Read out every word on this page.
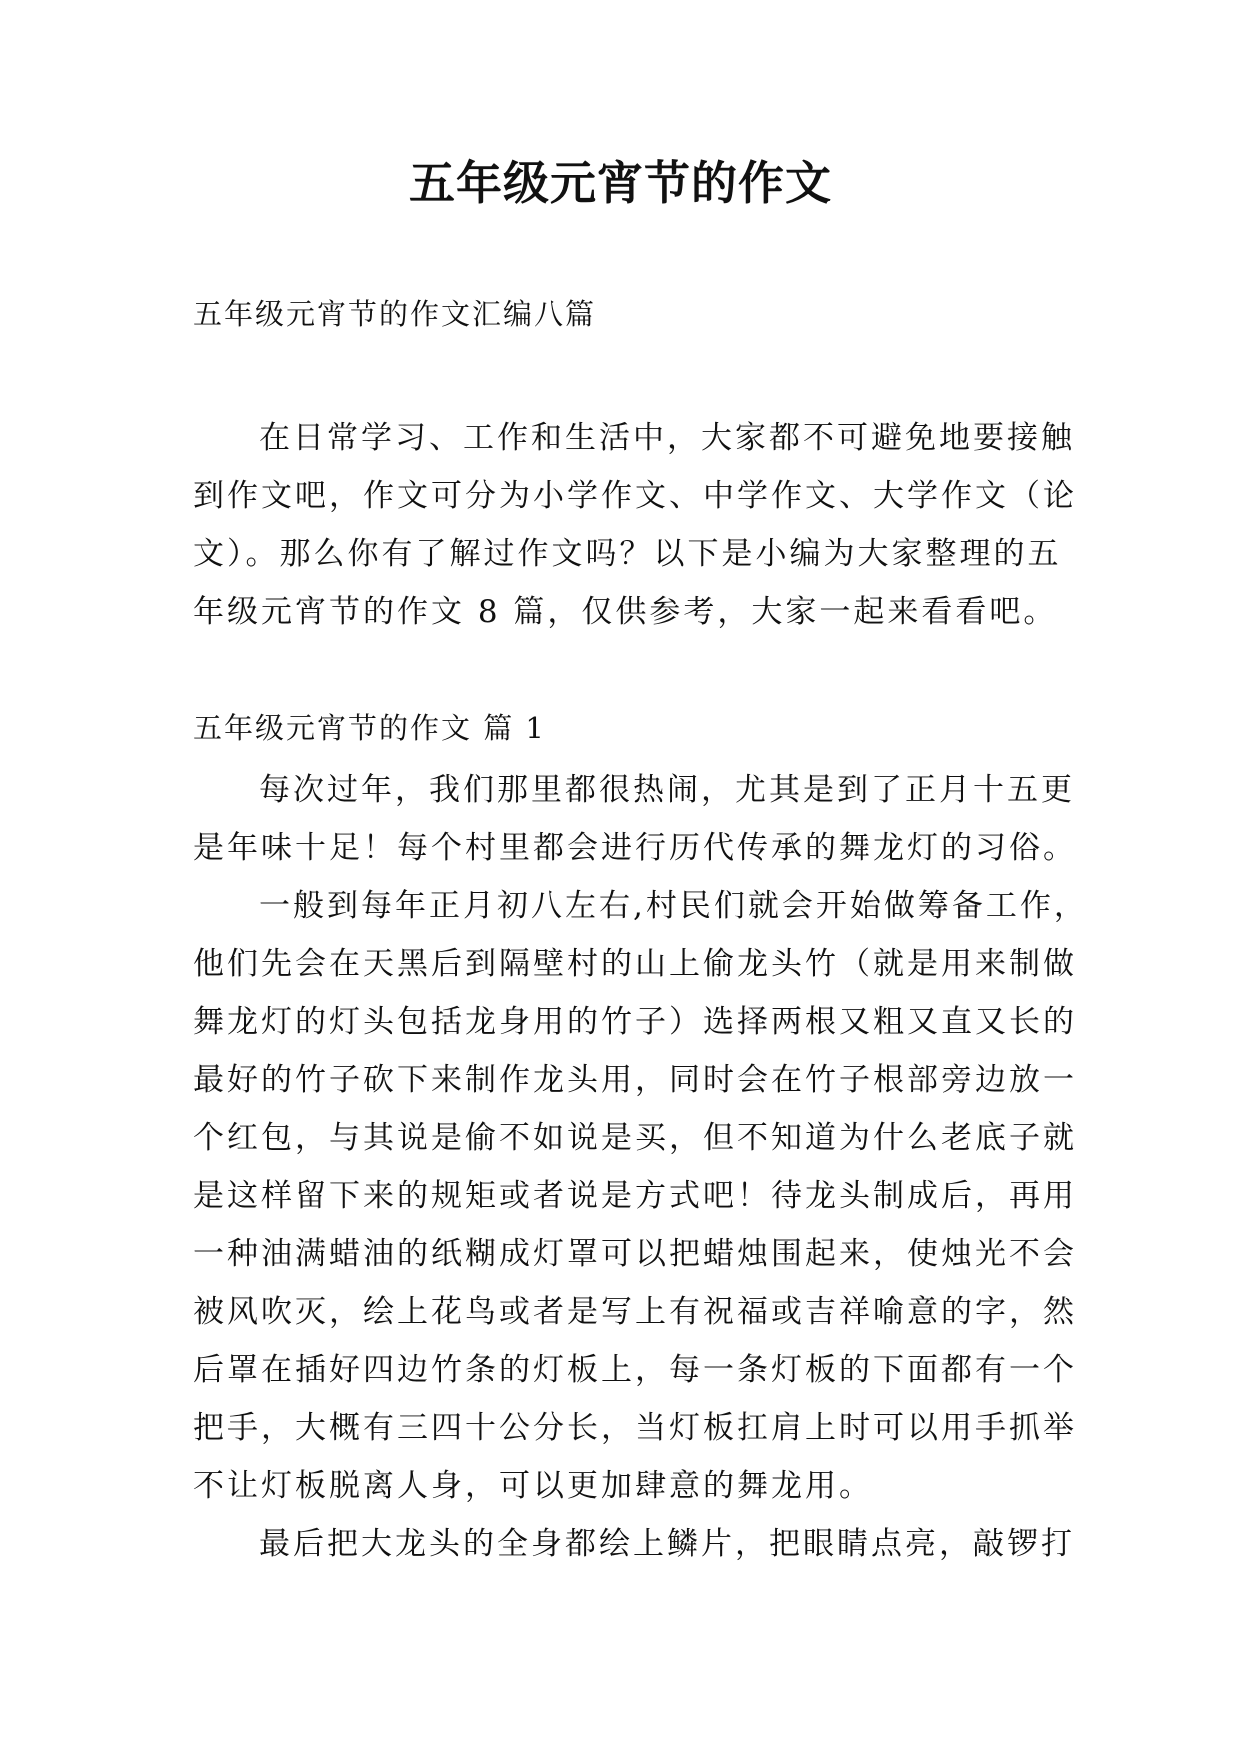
五年级元宵节的作文
五年级元宵节的作文汇编八篇
在日常学习、工作和生活中，大家都不可避免地要接触
到作文吧，作文可分为小学作文、中学作文、大学作文（论
文）。那么你有了解过作文吗？以下是小编为大家整理的五
年级元宵节的作文 8 篇，仅供参考，大家一起来看看吧。
五年级元宵节的作文 篇 1
每次过年，我们那里都很热闹，尤其是到了正月十五更
是年味十足！每个村里都会进行历代传承的舞龙灯的习俗。
一般到每年正月初八左右,村民们就会开始做筹备工作，
他们先会在天黑后到隔壁村的山上偷龙头竹（就是用来制做
舞龙灯的灯头包括龙身用的竹子）选择两根又粗又直又长的
最好的竹子砍下来制作龙头用，同时会在竹子根部旁边放一
个红包，与其说是偷不如说是买，但不知道为什么老底子就
是这样留下来的规矩或者说是方式吧！待龙头制成后，再用
一种油满蜡油的纸糊成灯罩可以把蜡烛围起来，使烛光不会
被风吹灭，绘上花鸟或者是写上有祝福或吉祥喻意的字，然
后罩在插好四边竹条的灯板上，每一条灯板的下面都有一个
把手，大概有三四十公分长，当灯板扛肩上时可以用手抓举
不让灯板脱离人身，可以更加肆意的舞龙用。
最后把大龙头的全身都绘上鳞片，把眼睛点亮，敲锣打
